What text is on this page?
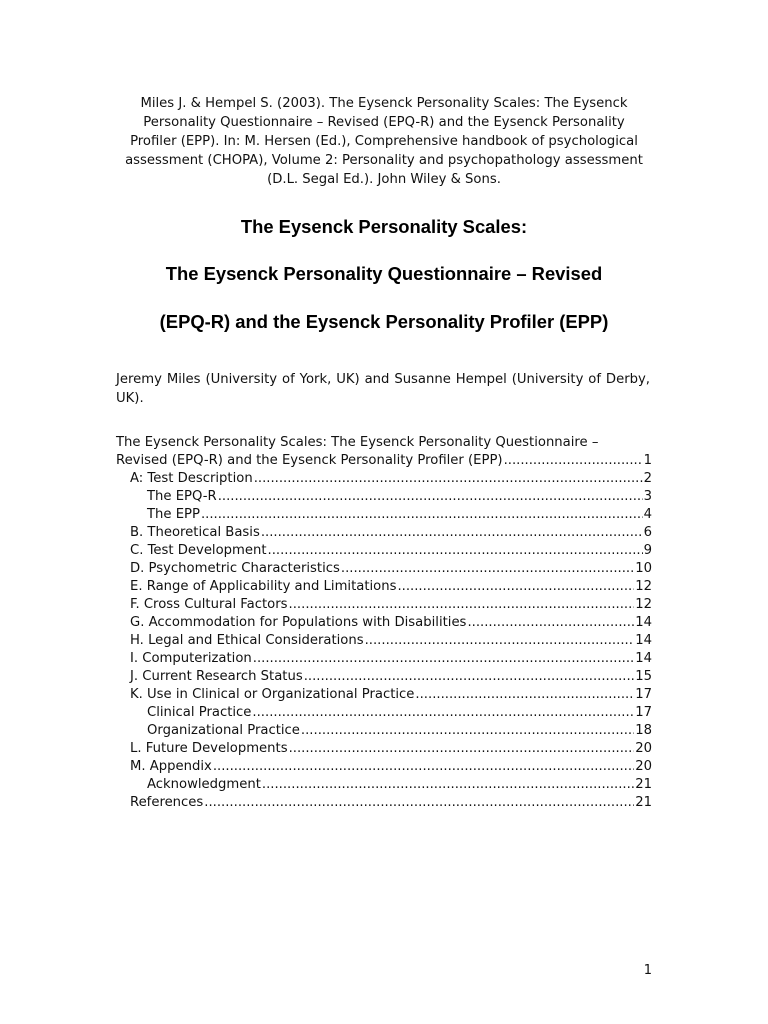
Miles J. & Hempel S. (2003). The Eysenck Personality Scales: The Eysenck
Personality Questionnaire – Revised (EPQ-R) and the Eysenck Personality
Profiler (EPP). In: M. Hersen (Ed.), Comprehensive handbook of psychological
assessment (CHOPA), Volume 2: Personality and psychopathology assessment
(D.L. Segal Ed.). John Wiley & Sons.
The Eysenck Personality Scales:
The Eysenck Personality Questionnaire – Revised
(EPQ-R) and the Eysenck Personality Profiler (EPP)
Jeremy Miles (University of York, UK) and Susanne Hempel (University of Derby, UK).
The Eysenck Personality Scales: The Eysenck Personality Questionnaire –
Revised (EPQ-R) and the Eysenck Personality Profiler (EPP) .....	1
A: Test Description .....	2
The EPQ-R .....	3
The EPP .....	4
B. Theoretical Basis .....	6
C. Test Development .....	9
D. Psychometric Characteristics .....	10
E. Range of Applicability and Limitations .....	12
F. Cross Cultural Factors .....	12
G. Accommodation for Populations with Disabilities .....	14
H. Legal and Ethical Considerations .....	14
I. Computerization .....	14
J. Current Research Status .....	15
K. Use in Clinical or Organizational Practice .....	17
Clinical Practice .....	17
Organizational Practice .....	18
L. Future Developments .....	20
M. Appendix .....	20
Acknowledgment .....	21
References .....	21
1
